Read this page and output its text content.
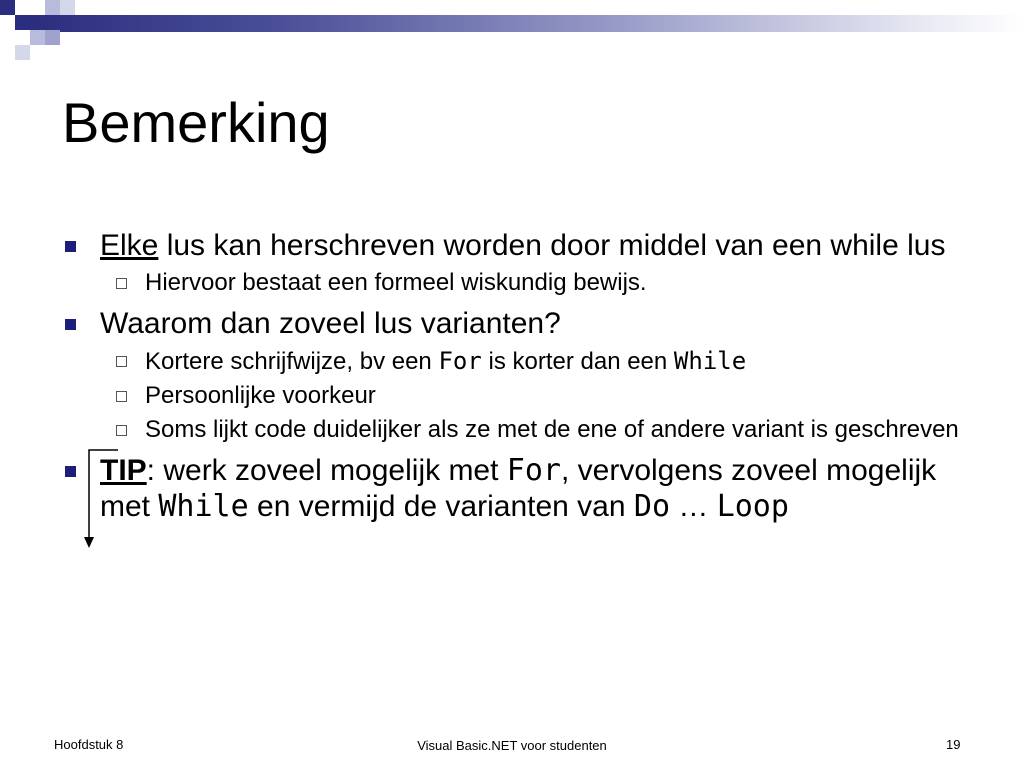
Bemerking
Elke lus kan herschreven worden door middel van een while lus
Hiervoor bestaat een formeel wiskundig bewijs.
Waarom dan zoveel lus varianten?
Kortere schrijfwijze, bv een For is korter dan een While
Persoonlijke voorkeur
Soms lijkt code duidelijker als ze met de ene of andere variant is geschreven
TIP: werk zoveel mogelijk met For, vervolgens zoveel mogelijk met While en vermijd de varianten van Do … Loop
Hoofdstuk 8	Visual Basic.NET voor studenten	19
